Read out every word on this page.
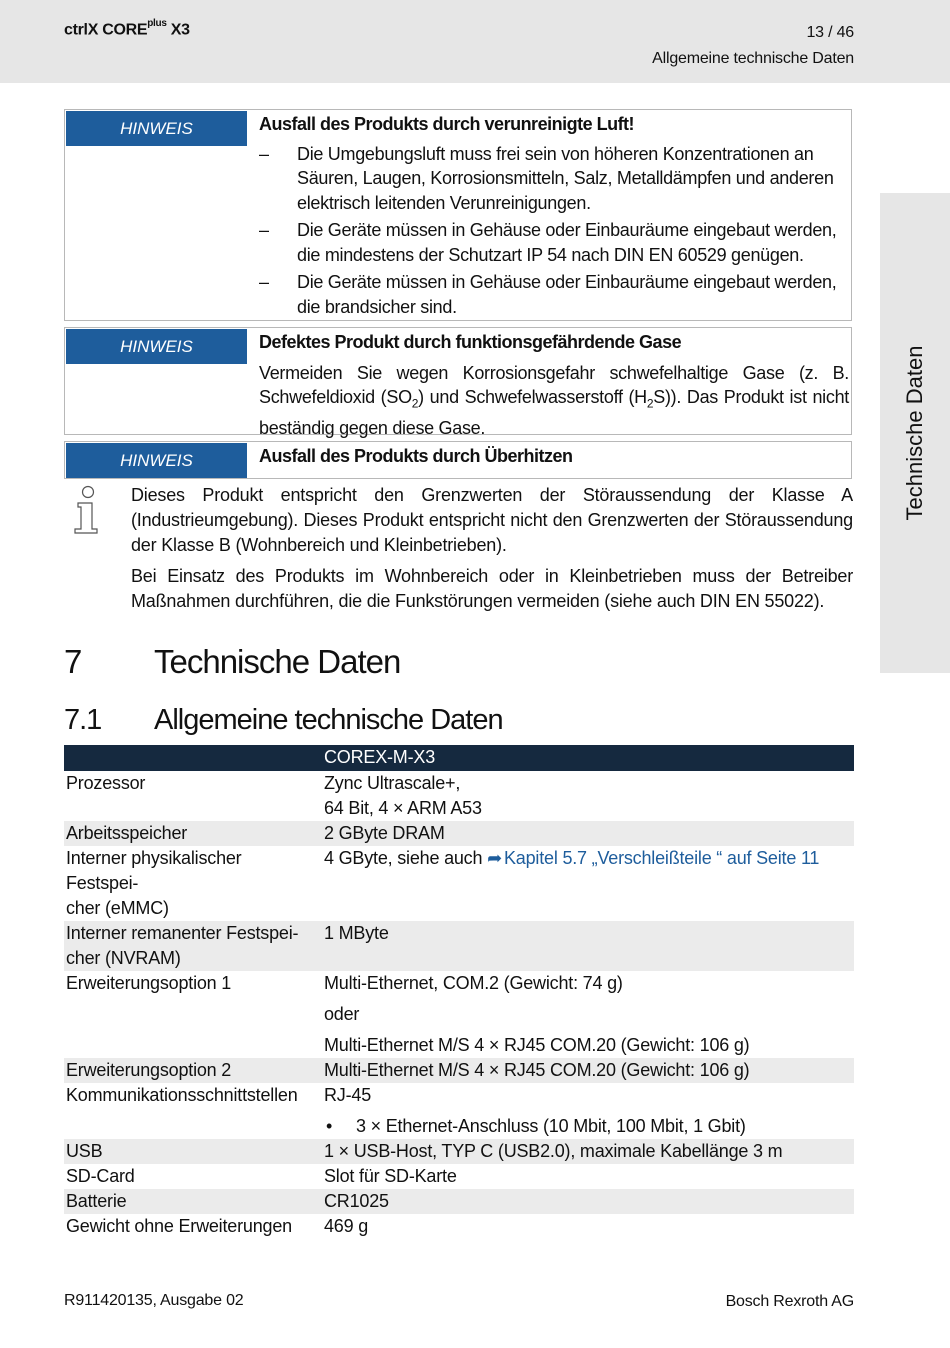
ctrlX $CORE^{plus}$ X3	13 / 46
Allgemeine technische Daten
Technische Daten
HINWEIS	Ausfall des Produkts durch verunreinigte Luft!
– Die Umgebungsluft muss frei sein von höheren Konzentrationen an Säuren, Laugen, Korrosionsmitteln, Salz, Metalldämpfen und anderen elektrisch leitenden Verunreinigungen.
– Die Geräte müssen in Gehäuse oder Einbauräume eingebaut werden, die mindestens der Schutzart IP 54 nach DIN EN 60529 genügen.
– Die Geräte müssen in Gehäuse oder Einbauräume eingebaut werden, die brandsicher sind.
HINWEIS	Defektes Produkt durch funktionsgefährdende Gase
Vermeiden Sie wegen Korrosionsgefahr schwefelhaltige Gase (z. B. Schwefeldioxid $(SO_2)$ und Schwefelwasserstoff $(H_2S)$). Das Produkt ist nicht beständig gegen diese Gase.
HINWEIS	Ausfall des Produkts durch Überhitzen
Dieses Produkt entspricht den Grenzwerten der Störaussendung der Klasse A (Industrieumgebung). Dieses Produkt entspricht nicht den Grenzwerten der Störaussendung der Klasse B (Wohnbereich und Kleinbetrieben).
Bei Einsatz des Produkts im Wohnbereich oder in Kleinbetrieben muss der Betreiber Maßnahmen durchführen, die die Funkstörungen vermeiden (siehe auch DIN EN 55022).
7 Technische Daten
7.1 Allgemeine technische Daten
	COREX-M-X3
Prozessor	Zync Ultrascale+,
64 Bit, 4 × ARM A53

Arbeitsspeicher	2 GByte DRAM

Interner physikalischer Festspei-
cher (eMMC)	4 GByte, siehe auch ➦ Kapitel 5.7 „Verschleißteile “ auf Seite 11

Interner remanenter Festspei-
cher (NVRAM)	1 MByte
Erweiterungsoption 1	Multi-Ethernet, COM.2 (Gewicht: 74 g)
oder
Multi-Ethernet M/S 4 × RJ45 COM.20 (Gewicht: 106 g)

Erweiterungsoption 2	Multi-Ethernet M/S 4 × RJ45 COM.20 (Gewicht: 106 g)
Kommunikationsschnittstellen	RJ-45
• 3 × Ethernet-Anschluss (10 Mbit, 100 Mbit, 1 Gbit)

USB	1 × USB-Host, TYP C (USB2.0), maximale Kabellänge 3 m
SD-Card	Slot für SD-Karte
Batterie	CR1025
Gewicht ohne Erweiterungen	469 g
R911420135, Ausgabe 02	Bosch Rexroth AG
